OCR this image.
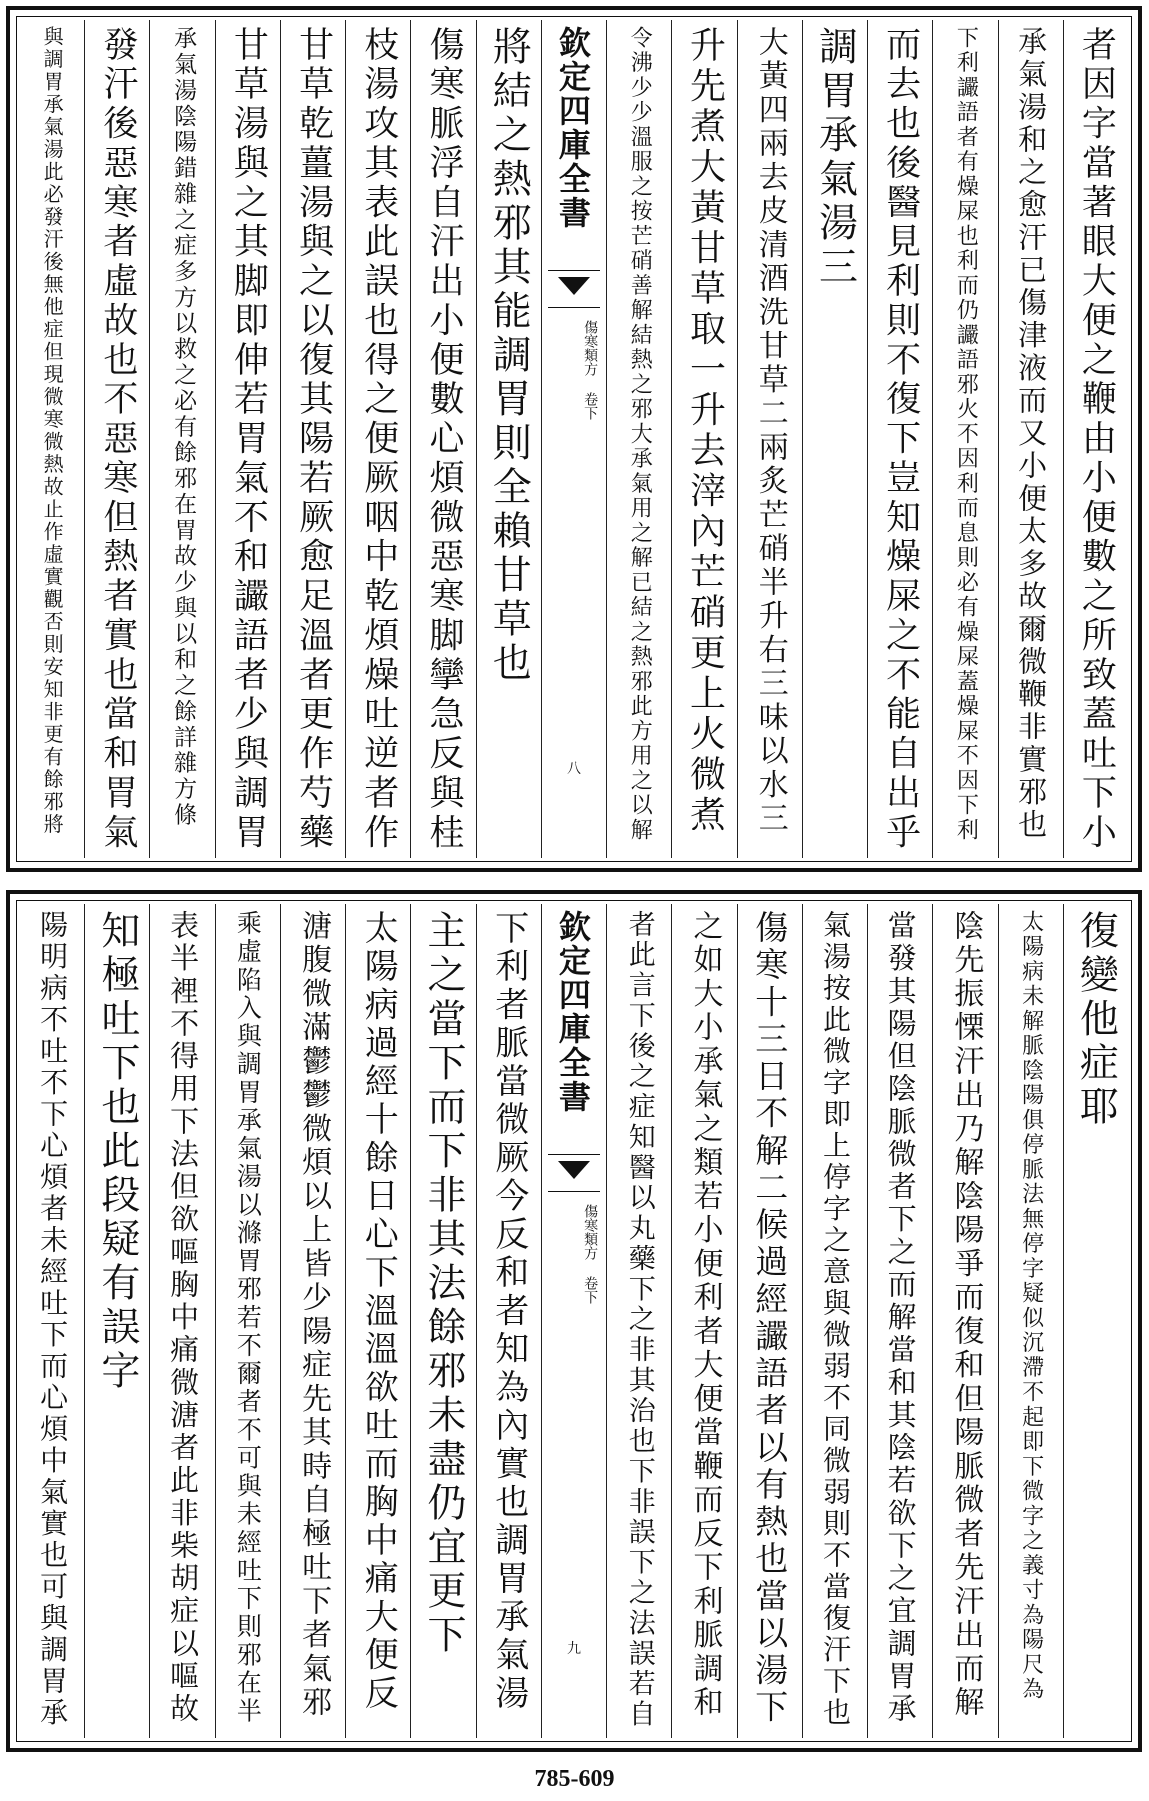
者因字當著眼大便之鞭由小便數之所致蓋吐下小
承氣湯和之愈汗已傷津液而又小便太多故爾微鞭非實邪也
下利讝語者有燥屎也利而仍讝語邪火不因利而息則必有燥屎蓋燥屎不因下利
而去也後醫見利則不復下豈知燥屎之不能自出乎
調胃承氣湯三
大黃四兩去皮清酒洗甘草二兩炙芒硝半升右三味以水三
升先煮大黃甘草取一升去滓內芒硝更上火微煮
令沸少少溫服之按芒硝善解結熱之邪大承氣用之解已結之熱邪此方用之以解
欽定四庫全書
傷寒類方 卷下
八
將結之熱邪其能調胃則全賴甘草也
傷寒脈浮自汗出小便數心煩微惡寒脚攣急反與桂
枝湯攻其表此誤也得之便厥咽中乾煩燥吐逆者作
甘草乾薑湯與之以復其陽若厥愈足溫者更作芍藥
甘草湯與之其脚即伸若胃氣不和讝語者少與調胃
承氣湯陰陽錯雜之症多方以救之必有餘邪在胃故少與以和之餘詳雜方條
發汗後惡寒者虛故也不惡寒但熱者實也當和胃氣
與調胃承氣湯此必發汗後無他症但現微寒微熱故止作虛實觀否則安知非更有餘邪將
復變他症耶
太陽病未解脈陰陽俱停脈法無停字疑似沉滯不起即下微字之義寸為陽尺為
陰先振慄汗出乃解陰陽爭而復和但陽脈微者先汗出而解
當發其陽但陰脈微者下之而解當和其陰若欲下之宜調胃承
氣湯按此微字即上停字之意與微弱不同微弱則不當復汗下也
傷寒十三日不解二候過經讝語者以有熱也當以湯下
之如大小承氣之類若小便利者大便當鞭而反下利脈調和
者此言下後之症知醫以丸藥下之非其治也下非誤下之法誤若自
欽定四庫全書
傷寒類方 卷下
九
下利者脈當微厥今反和者知為內實也調胃承氣湯
主之當下而下非其法餘邪未盡仍宜更下
太陽病過經十餘日心下溫溫欲吐而胸中痛大便反
溏腹微滿鬱鬱微煩以上皆少陽症先其時自極吐下者氣邪
乘虛陷入與調胃承氣湯以滌胃邪若不爾者不可與未經吐下則邪在半
表半裡不得用下法但欲嘔胸中痛微溏者此非柴胡症以嘔故
知極吐下也此段疑有誤字
陽明病不吐不下心煩者未經吐下而心煩中氣實也可與調胃承
785-609
